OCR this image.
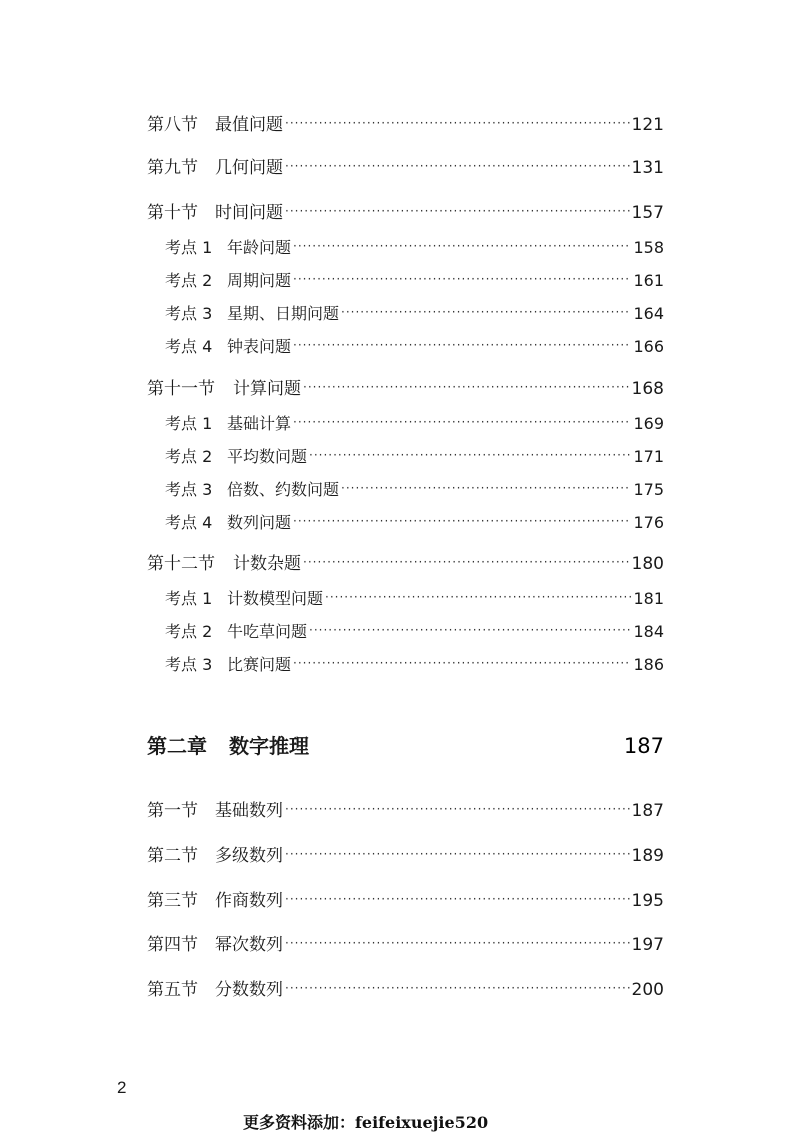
第八节	最值问题 ·····	121
第九节	几何问题 ·····	131
第十节	时间问题 ·····	157
考点 1 年龄问题 ·····	158
考点 2 周期问题 ·····	161
考点 3 星期、日期问题 ·····	164
考点 4 钟表问题 ·····	166
第十一节	计算问题 ·····	168
考点 1 基础计算 ·····	169
考点 2 平均数问题 ·····	171
考点 3 倍数、约数问题 ·····	175
考点 4 数列问题 ·····	176
第十二节	计数杂题 ·····	180
考点 1 计数模型问题 ·····	181
考点 2 牛吃草问题 ·····	184
考点 3 比赛问题 ·····	186
第二章 数字推理	187
第一节	基础数列 ·····	187
第二节	多级数列 ·····	189
第三节	作商数列 ·····	195
第四节	幂次数列 ·····	197
第五节	分数数列 ·····	200
2
更多资料添加：feifeixuejie520
